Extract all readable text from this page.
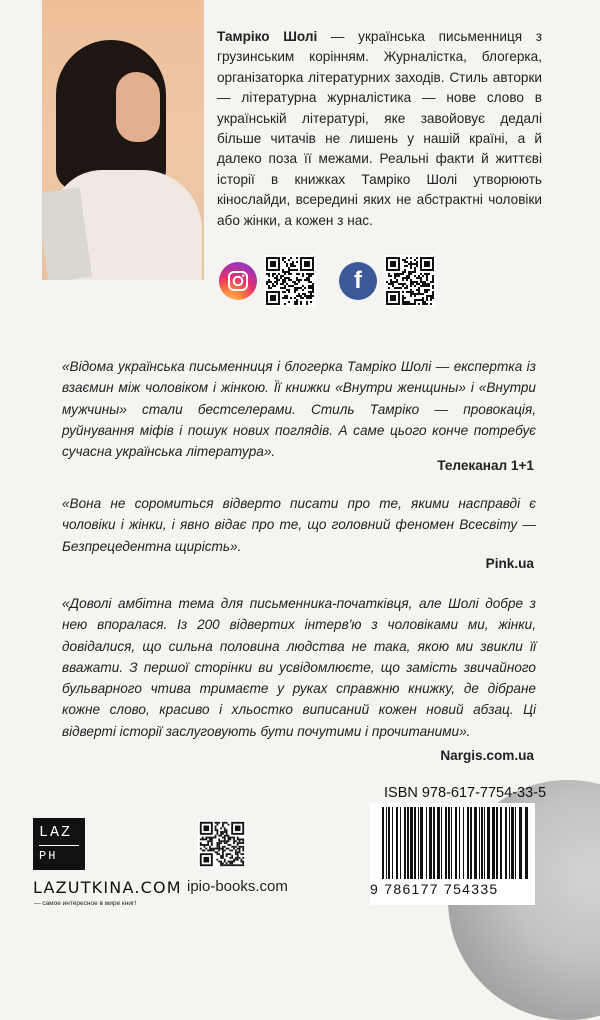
Тамріко Шолі — українська письменниця з грузинським корінням. Журналістка, блогерка, організаторка літературних заходів. Стиль авторки — літературна журналістика — нове слово в українській літературі, яке завойовує дедалі більше читачів не лишень у нашій країні, а й далеко поза її межами. Реальні факти й життєві історії в книжках Тамріко Шолі утворюють кінослайди, всередині яких не абстрактні чоловіки або жінки, а кожен з нас.
f
«Відома українська письменниця і блогерка Тамріко Шолі — експертка із взаємин між чоловіком і жінкою. Її книжки «Внутри женщины» і «Внутри мужчины» стали бестселерами. Стиль Тамріко — провокація, руйнування міфів і пошук нових поглядів. А саме цього конче потребує сучасна українська література».
Телеканал 1+1
«Вона не соромиться відверто писати про те, якими насправді є чоловіки і жінки, і явно відає про те, що головний феномен Всесвіту — Безпрецедентна щирість».
Pink.ua
«Доволі амбітна тема для письменника-початківця, але Шолі добре з нею впоралася. Із 200 відвертих інтерв'ю з чоловіками ми, жінки, довідалися, що сильна половина людства не така, якою ми звикли її вважати. З першої сторінки ви усвідомлюєте, що замість звичайного бульварного чтива тримаєте у руках справжню книжку, де дібране кожне слово, красиво і хльостко виписаний кожен новий абзац. Ці відверті історії заслуговують бути почутими і прочитаними».
Nargis.com.ua
LAZ
PH
LAZUTKINA.COM
— самое интересное в мире книг!
ipio-books.com
ISBN 978-617-7754-33-5
9 786177 754335
